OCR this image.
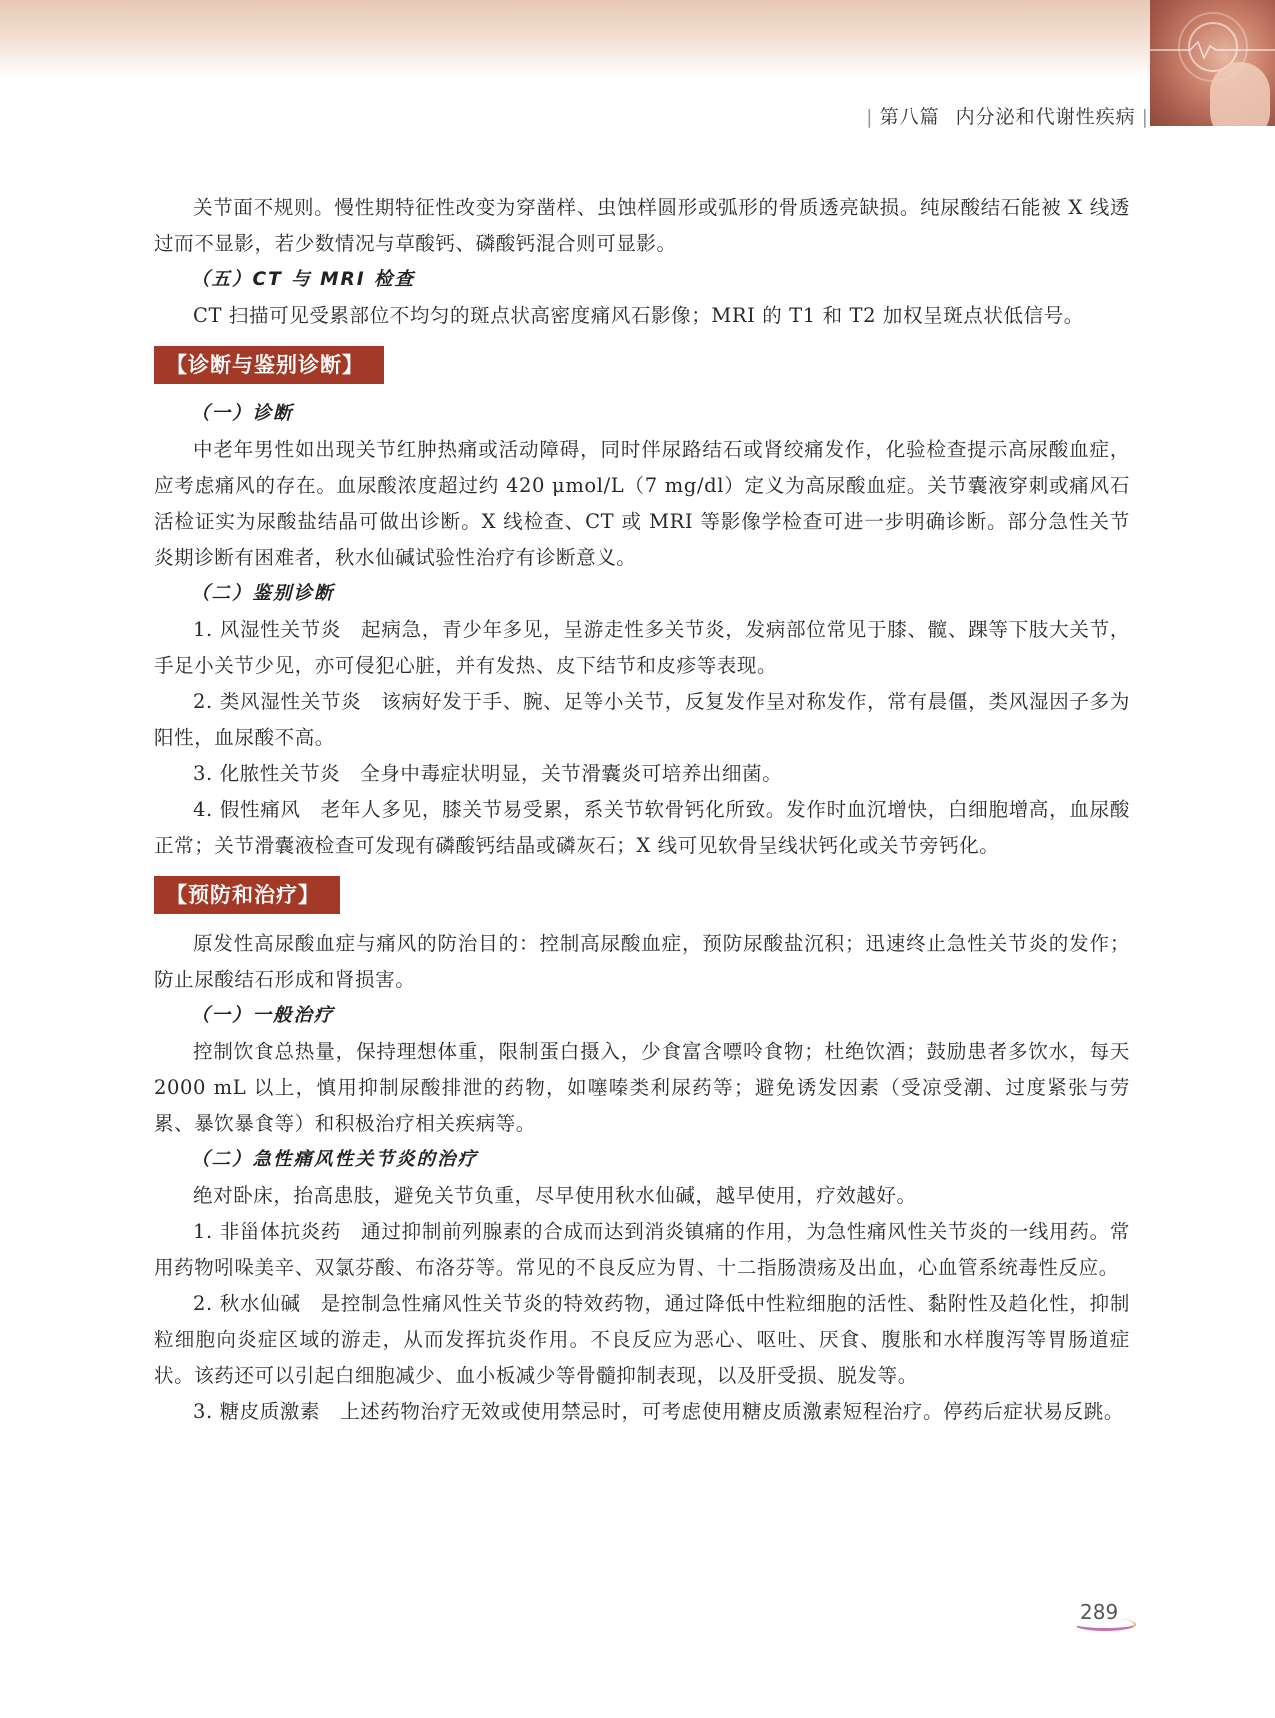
| 第八篇 内分泌和代谢性疾病 |

关节面不规则。慢性期特征性改变为穿凿样、虫蚀样圆形或弧形的骨质透亮缺损。纯尿酸结石能被 X 线透过而不显影，若少数情况与草酸钙、磷酸钙混合则可显影。

（五）CT 与 MRI 检查

CT 扫描可见受累部位不均匀的斑点状高密度痛风石影像；MRI 的 T1 和 T2 加权呈斑点状低信号。

【诊断与鉴别诊断】
（一）诊断

中老年男性如出现关节红肿热痛或活动障碍，同时伴尿路结石或肾绞痛发作，化验检查提示高尿酸血症，应考虑痛风的存在。血尿酸浓度超过约 420 μmol/L（7 mg/dl）定义为高尿酸血症。关节囊液穿刺或痛风石活检证实为尿酸盐结晶可做出诊断。X 线检查、CT 或 MRI 等影像学检查可进一步明确诊断。部分急性关节炎期诊断有困难者，秋水仙碱试验性治疗有诊断意义。

（二）鉴别诊断

1. 风湿性关节炎 起病急，青少年多见，呈游走性多关节炎，发病部位常见于膝、髋、踝等下肢大关节，手足小关节少见，亦可侵犯心脏，并有发热、皮下结节和皮疹等表现。

2. 类风湿性关节炎 该病好发于手、腕、足等小关节，反复发作呈对称发作，常有晨僵，类风湿因子多为阳性，血尿酸不高。

3. 化脓性关节炎 全身中毒症状明显，关节滑囊炎可培养出细菌。

4. 假性痛风 老年人多见，膝关节易受累，系关节软骨钙化所致。发作时血沉增快，白细胞增高，血尿酸正常；关节滑囊液检查可发现有磷酸钙结晶或磷灰石；X 线可见软骨呈线状钙化或关节旁钙化。

【预防和治疗】

原发性高尿酸血症与痛风的防治目的：控制高尿酸血症，预防尿酸盐沉积；迅速终止急性关节炎的发作；防止尿酸结石形成和肾损害。

（一）一般治疗

控制饮食总热量，保持理想体重，限制蛋白摄入，少食富含嘌呤食物；杜绝饮酒；鼓励患者多饮水，每天 2000 mL 以上，慎用抑制尿酸排泄的药物，如噻嗪类利尿药等；避免诱发因素（受凉受潮、过度紧张与劳累、暴饮暴食等）和积极治疗相关疾病等。

（二）急性痛风性关节炎的治疗

绝对卧床，抬高患肢，避免关节负重，尽早使用秋水仙碱，越早使用，疗效越好。

1. 非甾体抗炎药 通过抑制前列腺素的合成而达到消炎镇痛的作用，为急性痛风性关节炎的一线用药。常用药物吲哚美辛、双氯芬酸、布洛芬等。常见的不良反应为胃、十二指肠溃疡及出血，心血管系统毒性反应。

2. 秋水仙碱 是控制急性痛风性关节炎的特效药物，通过降低中性粒细胞的活性、黏附性及趋化性，抑制粒细胞向炎症区域的游走，从而发挥抗炎作用。不良反应为恶心、呕吐、厌食、腹胀和水样腹泻等胃肠道症状。该药还可以引起白细胞减少、血小板减少等骨髓抑制表现，以及肝受损、脱发等。

3. 糖皮质激素 上述药物治疗无效或使用禁忌时，可考虑使用糖皮质激素短程治疗。停药后症状易反跳。

289
